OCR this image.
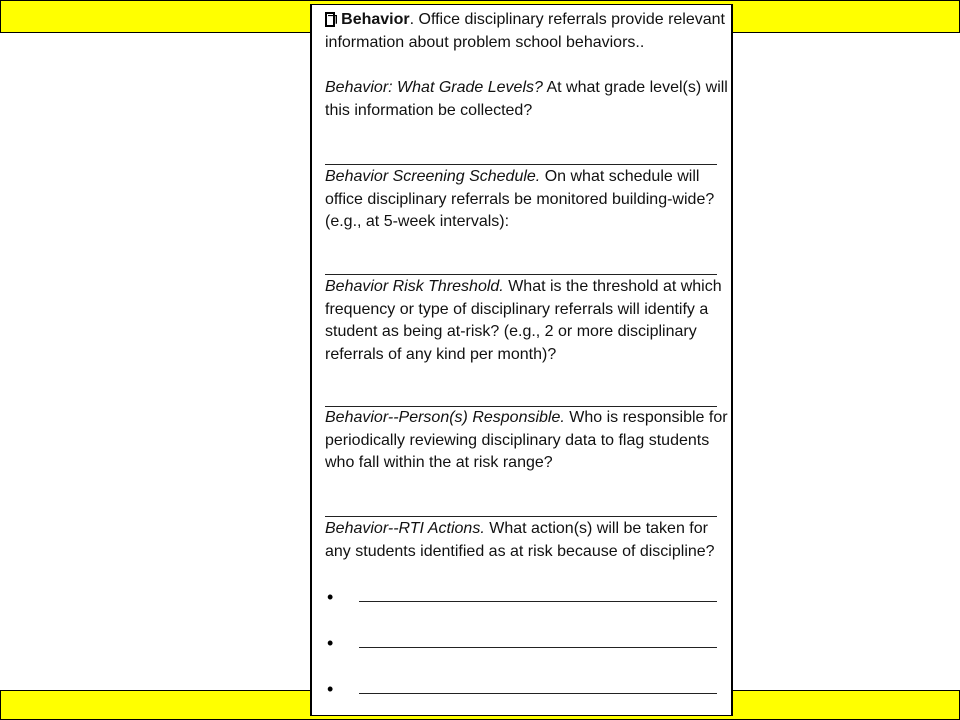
Behavior . Office disciplinary referrals provide relevant
information about problem school behaviors..
Behavior: What Grade Levels? At what grade level(s) will
this information be collected?
Behavior Screening Schedule. On what schedule will
office disciplinary referrals be monitored building-wide?
(e.g., at 5-week intervals):
Behavior Risk Threshold. What is the threshold at which
frequency or type of disciplinary referrals will identify a
student as being at-risk? (e.g., 2 or more disciplinary
referrals of any kind per month)?
Behavior--Person(s) Responsible. Who is responsible for
periodically reviewing disciplinary data to flag students
who fall within the at risk range?
Behavior--RTI Actions. What action(s) will be taken for
any students identified as at risk because of discipline?
•
•
•
